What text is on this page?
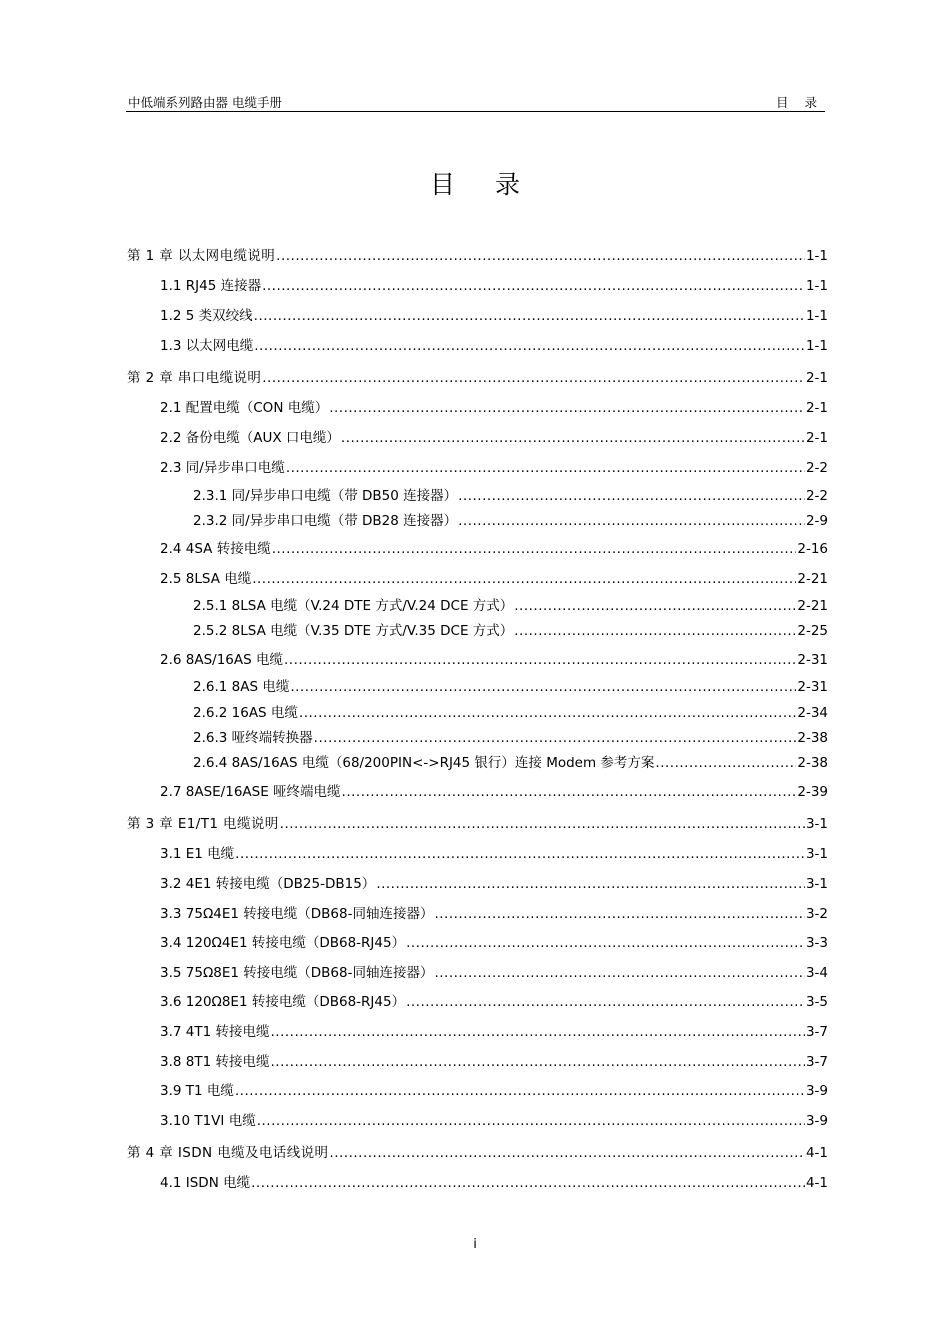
中低端系列路由器 电缆手册	目 录
目 录
第 1 章 以太网电缆说明 .....	1-1
1.1 RJ45 连接器 .....	1-1
1.2 5 类双绞线 .....	1-1
1.3 以太网电缆 .....	1-1
第 2 章 串口电缆说明 .....	2-1
2.1 配置电缆（CON 电缆） .....	2-1
2.2 备份电缆（AUX 口电缆） .....	2-1
2.3 同/异步串口电缆 .....	2-2
2.3.1 同/异步串口电缆（带 DB50 连接器） .....	2-2
2.3.2 同/异步串口电缆（带 DB28 连接器） .....	2-9
2.4 4SA 转接电缆 .....	2-16
2.5 8LSA 电缆 .....	2-21
2.5.1 8LSA 电缆（V.24 DTE 方式/V.24 DCE 方式） .....	2-21
2.5.2 8LSA 电缆（V.35 DTE 方式/V.35 DCE 方式） .....	2-25
2.6 8AS/16AS 电缆 .....	2-31
2.6.1 8AS 电缆 .....	2-31
2.6.2 16AS 电缆 .....	2-34
2.6.3 哑终端转换器 .....	2-38
2.6.4 8AS/16AS 电缆（68/200PIN<->RJ45 银行）连接 Modem 参考方案 .....	2-38
2.7 8ASE/16ASE 哑终端电缆 .....	2-39
第 3 章 E1/T1 电缆说明 .....	3-1
3.1 E1 电缆 .....	3-1
3.2 4E1 转接电缆（DB25-DB15） .....	3-1
3.3 75Ω4E1 转接电缆（DB68-同轴连接器） .....	3-2
3.4 120Ω4E1 转接电缆（DB68-RJ45） .....	3-3
3.5 75Ω8E1 转接电缆（DB68-同轴连接器） .....	3-4
3.6 120Ω8E1 转接电缆（DB68-RJ45） .....	3-5
3.7 4T1 转接电缆 .....	3-7
3.8 8T1 转接电缆 .....	3-7
3.9 T1 电缆 .....	3-9
3.10 T1VI 电缆 .....	3-9
第 4 章 ISDN 电缆及电话线说明 .....	4-1
4.1 ISDN 电缆 .....	4-1
i
